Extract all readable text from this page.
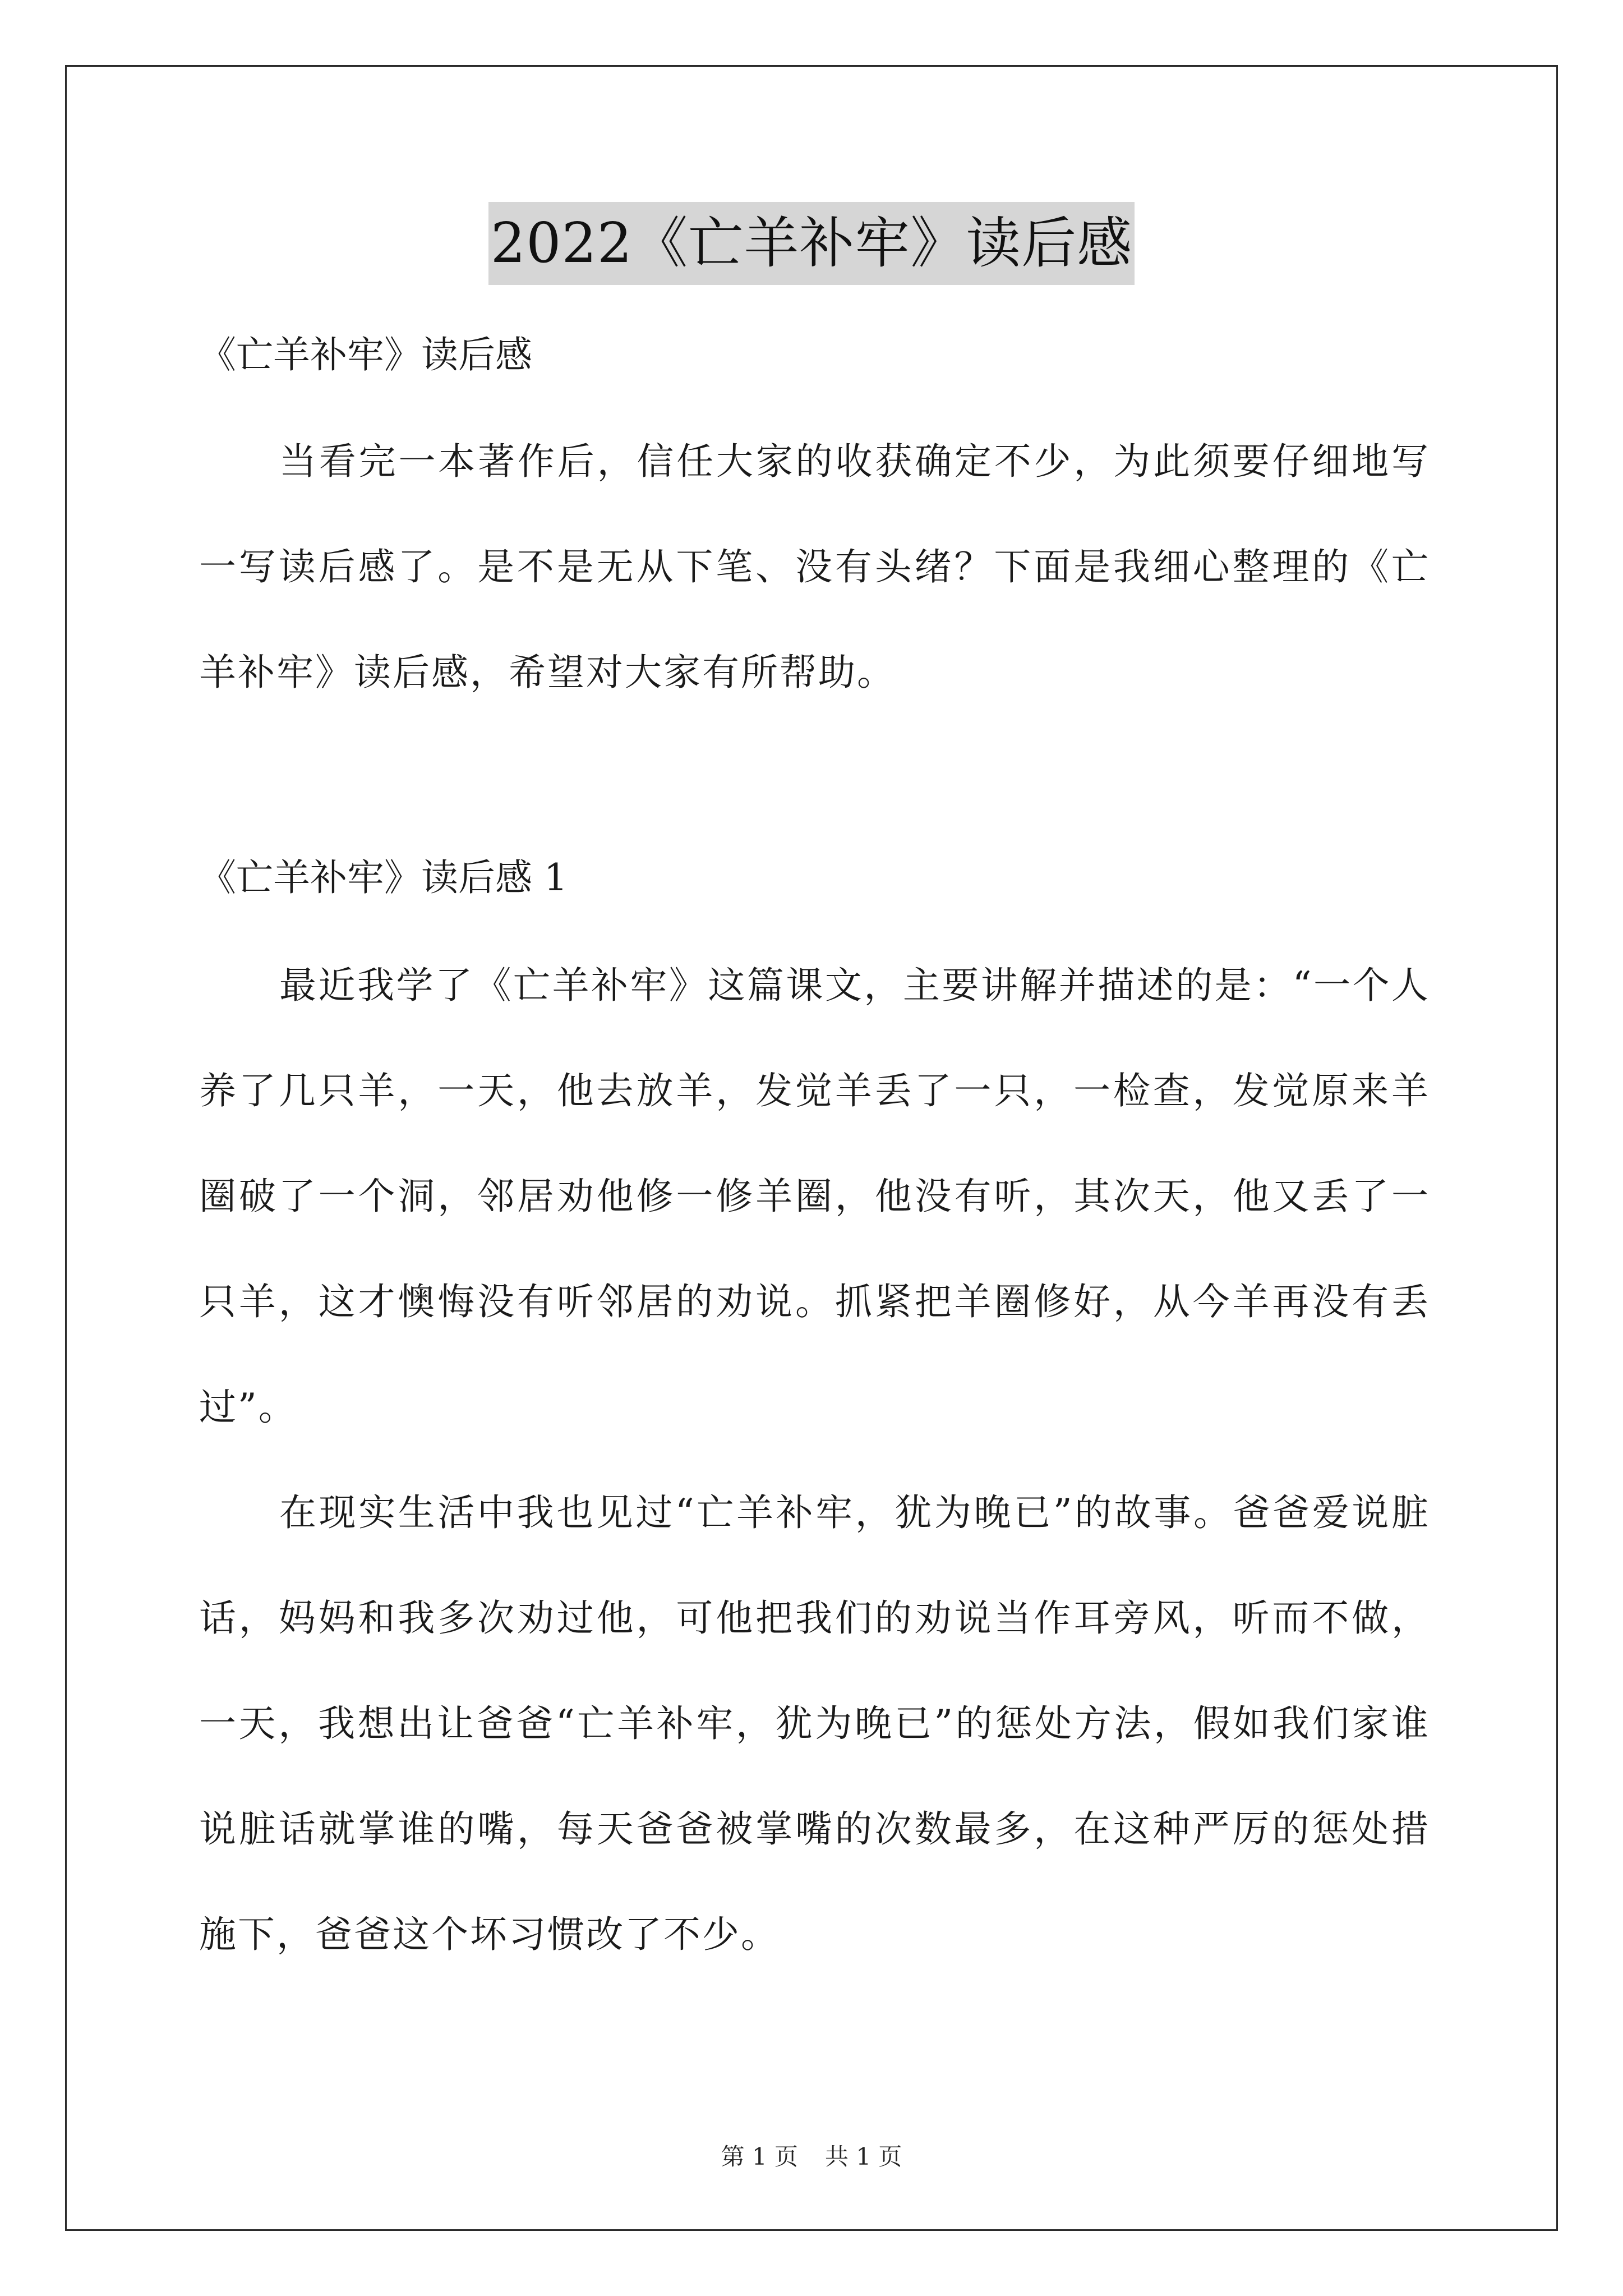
2022《亡羊补牢》读后感

《亡羊补牢》读后感

当看完一本著作后，信任大家的收获确定不少，为此须要仔细地写一写读后感了。是不是无从下笔、没有头绪？下面是我细心整理的《亡羊补牢》读后感，希望对大家有所帮助。

《亡羊补牢》读后感 1

最近我学了《亡羊补牢》这篇课文，主要讲解并描述的是：“一个人养了几只羊，一天，他去放羊，发觉羊丢了一只，一检查，发觉原来羊圈破了一个洞，邻居劝他修一修羊圈，他没有听，其次天，他又丢了一只羊，这才懊悔没有听邻居的劝说。抓紧把羊圈修好，从今羊再没有丢过”。

在现实生活中我也见过“亡羊补牢，犹为晚已”的故事。爸爸爱说脏话，妈妈和我多次劝过他，可他把我们的劝说当作耳旁风，听而不做，一天，我想出让爸爸“亡羊补牢，犹为晚已”的惩处方法，假如我们家谁说脏话就掌谁的嘴，每天爸爸被掌嘴的次数最多，在这种严厉的惩处措施下，爸爸这个坏习惯改了不少。

第 1 页 共 1 页
